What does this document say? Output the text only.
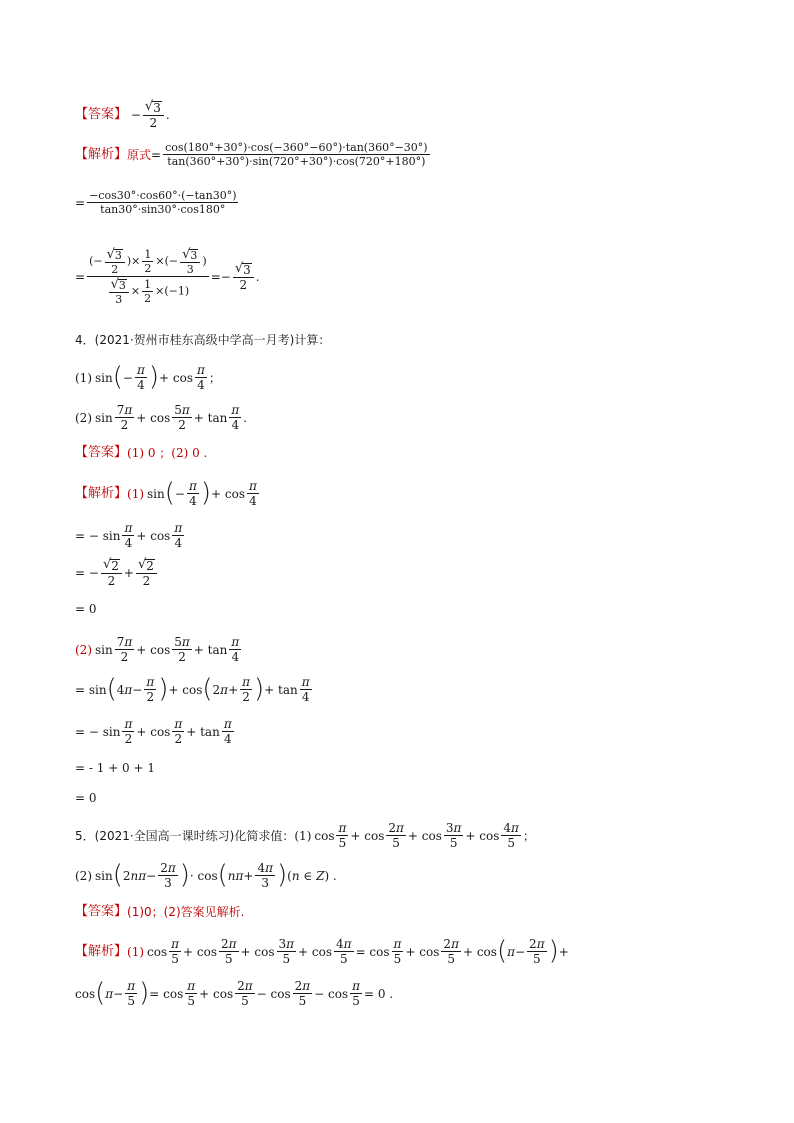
【答案】 − $\frac{√ 3}{2}$ .
【解析】 原式 = $\frac{\cos(180^\circ+30^\circ)\cdot\cos(-360^\circ-60^\circ)\cdot\tan(360^\circ-30^\circ)}{\tan(360^\circ+30^\circ)\cdot\sin(720^\circ+30^\circ)\cdot\cos(720^\circ+180^\circ)}$
= $\frac{-\cos 30^\circ\cdot\cos 60^\circ\cdot(-\tan 30^\circ)}{\tan 30^\circ\cdot\sin 30^\circ\cdot\cos 180^\circ}$
= $\frac{(- \frac{√ 3}{2} )\times \frac{1}{2} \times(- \frac{√ 3}{3} )}{\frac{√ 3}{3} \times \frac{1}{2} \times(-1)} =- \frac{√ 3}{2}$ .
4． (2021·贺州市桂东高级中学高一月考) 计算：
(1) sin ( − $\frac{\pi}{4}$ ) + $\cos \frac{\pi}{4}$ ；
(2) $\sin \frac{7\pi}{2} + \cos \frac{5\pi}{2} + \tan \frac{\pi}{4}$ .
【答案】 (1) 0 ；(2) 0 .
【解析】 (1) sin ( − $\frac{\pi}{4}$ ) + $\cos \frac{\pi}{4}$
= − $\sin \frac{\pi}{4} + \cos \frac{\pi}{4}$
= − $\frac{√ 2}{2} + \frac{√ 2}{2}$
= 0
(2) $\sin \frac{7\pi}{2} + \cos \frac{5\pi}{2} + \tan \frac{\pi}{4}$
= sin ( 4 $\pi - \frac{\pi}{2}$ ) + cos ( 2 $\pi + \frac{\pi}{2}$ ) + $\tan \frac{\pi}{4}$
= − $\sin \frac{\pi}{2} + \cos \frac{\pi}{2} + \tan \frac{\pi}{4}$
= - 1 + 0 + 1
= 0
5． (2021·全国高一课时练习) 化简求值： (1) $\cos \frac{\pi}{5} + \cos \frac{2\pi}{5} + \cos \frac{3\pi}{5} + \cos \frac{4\pi}{5}$ ；
(2) sin ( 2 $n\pi - \frac{2\pi}{3}$ ) · cos ( $n\pi + \frac{4\pi}{3}$ ) ( n ∈ Z ) .
【答案】 (1)0；(2)答案见解析.
【解析】 (1) $\cos \frac{\pi}{5} + \cos \frac{2\pi}{5} + \cos \frac{3\pi}{5} + \cos \frac{4\pi}{5} = \cos \frac{\pi}{5} + \cos \frac{2\pi}{5} + \cos$ ( $\pi - \frac{2\pi}{5}$ ) +
cos ( $\pi - \frac{\pi}{5}$ ) = $\cos \frac{\pi}{5} + \cos \frac{2\pi}{5} - \cos \frac{2\pi}{5} - \cos \frac{\pi}{5} = 0$ .
